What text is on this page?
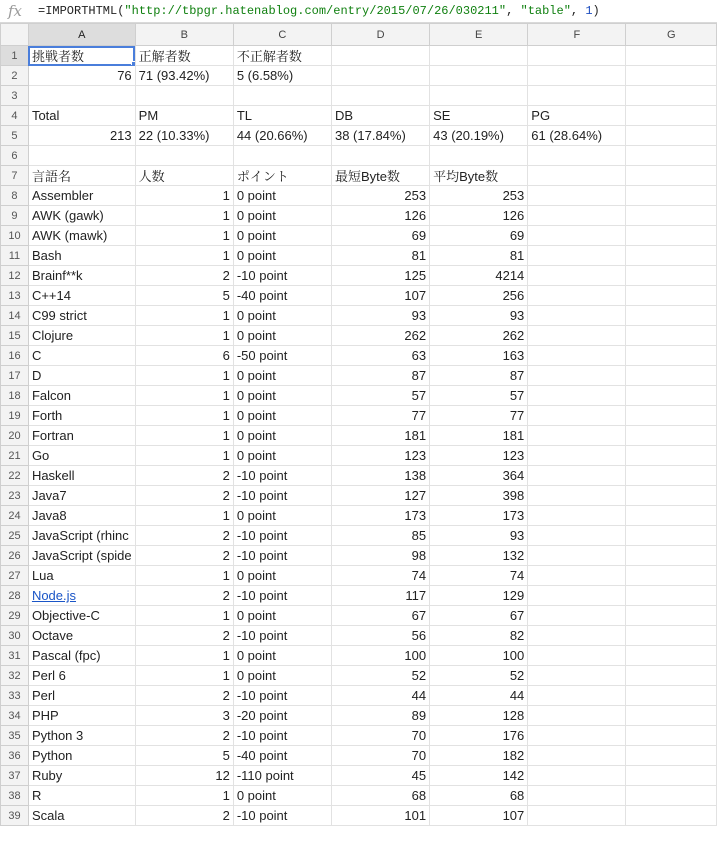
fx	=IMPORTHTML("http://tbpgr.hatenablog.com/entry/2015/07/26/030211", "table", 1)
	A	B	C	D	E	F	G
1	挑戦者数	正解者数	不正解者数				
2	76	71 (93.42%)	5 (6.58%)				
3							
4	Total	PM	TL	DB	SE	PG	
5	213	22 (10.33%)	44 (20.66%)	38 (17.84%)	43 (20.19%)	61 (28.64%)	
6							
7	言語名	人数	ポイント	最短Byte数	平均Byte数		
8	Assembler	1	0 point	253	253		
9	AWK (gawk)	1	0 point	126	126		
10	AWK (mawk)	1	0 point	69	69		
11	Bash	1	0 point	81	81		
12	Brainf**k	2	-10 point	125	4214		
13	C++14	5	-40 point	107	256		
14	C99 strict	1	0 point	93	93		
15	Clojure	1	0 point	262	262		
16	C	6	-50 point	63	163		
17	D	1	0 point	87	87		
18	Falcon	1	0 point	57	57		
19	Forth	1	0 point	77	77		
20	Fortran	1	0 point	181	181		
21	Go	1	0 point	123	123		
22	Haskell	2	-10 point	138	364		
23	Java7	2	-10 point	127	398		
24	Java8	1	0 point	173	173		
25	JavaScript (rhinc	2	-10 point	85	93		
26	JavaScript (spide	2	-10 point	98	132		
27	Lua	1	0 point	74	74		
28	Node.js	2	-10 point	117	129		
29	Objective-C	1	0 point	67	67		
30	Octave	2	-10 point	56	82		
31	Pascal (fpc)	1	0 point	100	100		
32	Perl 6	1	0 point	52	52		
33	Perl	2	-10 point	44	44		
34	PHP	3	-20 point	89	128		
35	Python 3	2	-10 point	70	176		
36	Python	5	-40 point	70	182		
37	Ruby	12	-110 point	45	142		
38	R	1	0 point	68	68		
39	Scala	2	-10 point	101	107		
